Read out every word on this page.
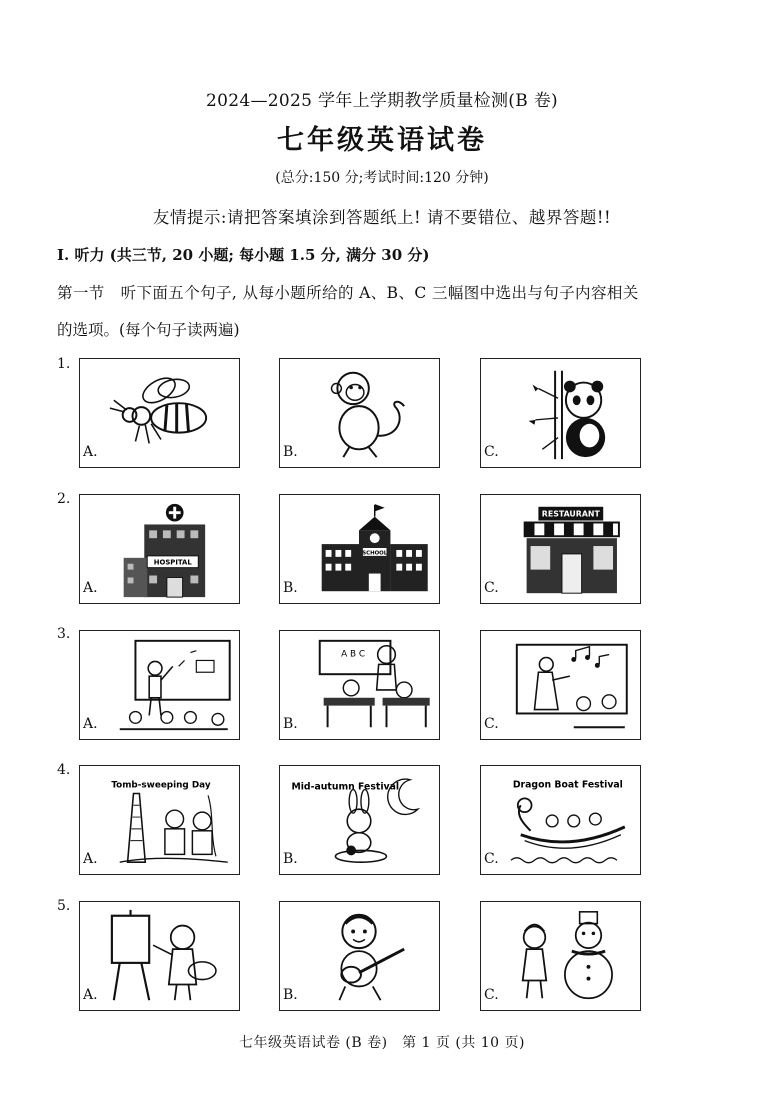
2024—2025 学年上学期教学质量检测(B 卷)
七年级英语试卷
(总分:150 分;考试时间:120 分钟)
友情提示:请把答案填涂到答题纸上! 请不要错位、越界答题!!
I. 听力 (共三节, 20 小题; 每小题 1.5 分, 满分 30 分)
第一节　听下面五个句子, 从每小题所给的 A、B、C 三幅图中选出与句子内容相关
的选项。(每个句子读两遍)
1.
A.	B.	C.
2.
HOSPITAL
A.
SCHOOL
B.
RESTAURANT
C.
3.
A.
A B C
B.	C.
4.
Tomb-sweeping Day
A.
Mid-autumn Festival
B.
Dragon Boat Festival
C.
5.
A.	B.	C.
七年级英语试卷 (B 卷)　第 1 页 (共 10 页)
